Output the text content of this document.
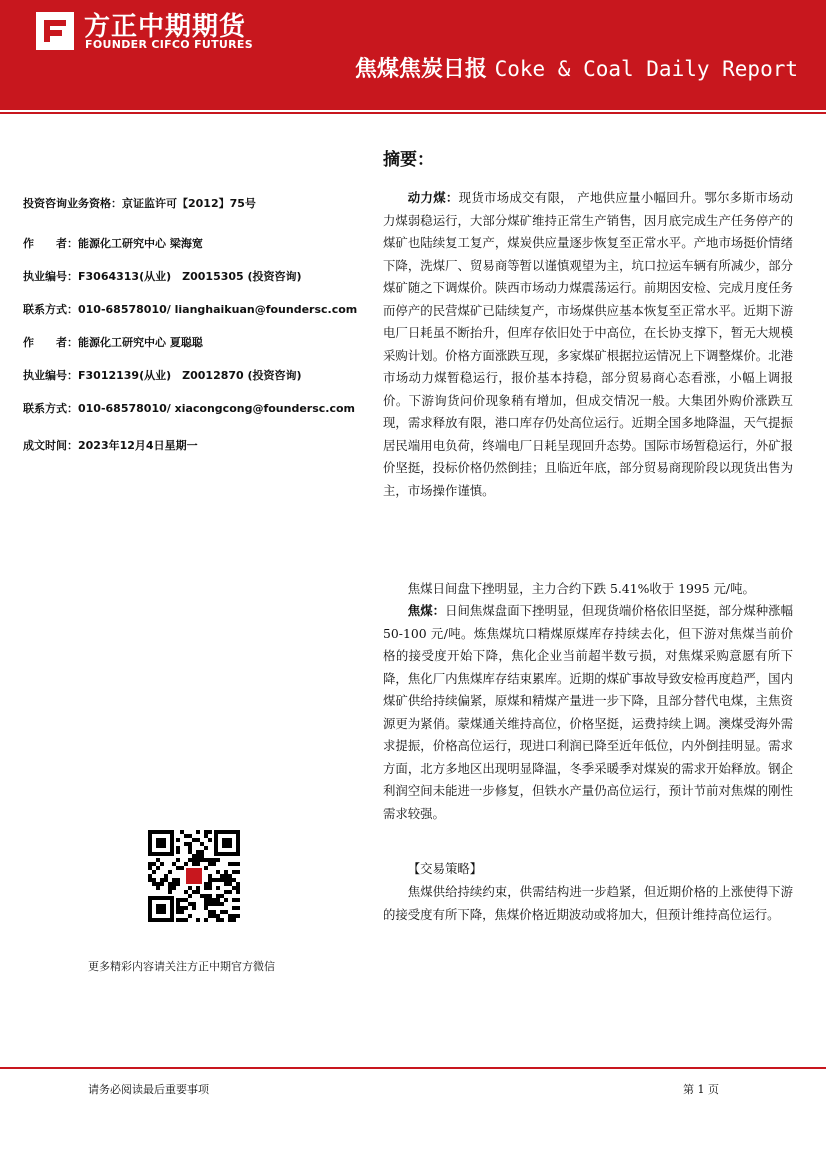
方正中期期货
FOUNDER CIFCO FUTURES
焦煤焦炭日报 Coke & Coal Daily Report
投资咨询业务资格：京证监许可【2012】75号
作　　者：能源化工研究中心 梁海宽
执业编号：F3064313(从业)　Z0015305 (投资咨询)
联系方式：010-68578010/ lianghaikuan@foundersc.com
作　　者：能源化工研究中心 夏聪聪
执业编号：F3012139(从业)　Z0012870 (投资咨询)
联系方式：010-68578010/ xiacongcong@foundersc.com
成文时间：2023年12月4日星期一
更多精彩内容请关注方正中期官方微信
摘要：

动力煤：现货市场成交有限， 产地供应量小幅回升。鄂尔多斯市场动力煤弱稳运行，大部分煤矿维持正常生产销售，因月底完成生产任务停产的煤矿也陆续复工复产，煤炭供应量逐步恢复至正常水平。产地市场挺价情绪下降，洗煤厂、贸易商等暂以谨慎观望为主，坑口拉运车辆有所减少，部分煤矿随之下调煤价。陕西市场动力煤震荡运行。前期因安检、完成月度任务而停产的民营煤矿已陆续复产，市场煤供应基本恢复至正常水平。近期下游电厂日耗虽不断抬升，但库存依旧处于中高位，在长协支撑下，暂无大规模采购计划。价格方面涨跌互现，多家煤矿根据拉运情况上下调整煤价。北港市场动力煤暂稳运行，报价基本持稳，部分贸易商心态看涨，小幅上调报价。下游询货问价现象稍有增加，但成交情况一般。大集团外购价涨跌互现，需求释放有限，港口库存仍处高位运行。近期全国多地降温，天气提振居民端用电负荷，终端电厂日耗呈现回升态势。国际市场暂稳运行，外矿报价坚挺，投标价格仍然倒挂；且临近年底，部分贸易商现阶段以现货出售为主，市场操作谨慎。

焦煤日间盘下挫明显，主力合约下跌 5.41%收于 1995 元/吨。

焦煤：日间焦煤盘面下挫明显，但现货端价格依旧坚挺，部分煤种涨幅 50-100 元/吨。炼焦煤坑口精煤原煤库存持续去化，但下游对焦煤当前价格的接受度开始下降，焦化企业当前超半数亏损，对焦煤采购意愿有所下降，焦化厂内焦煤库存结束累库。近期的煤矿事故导致安检再度趋严，国内煤矿供给持续偏紧，原煤和精煤产量进一步下降，且部分替代电煤，主焦资源更为紧俏。蒙煤通关维持高位，价格坚挺，运费持续上调。澳煤受海外需求提振，价格高位运行，现进口利润已降至近年低位，内外倒挂明显。需求方面，北方多地区出现明显降温，冬季采暖季对煤炭的需求开始释放。钢企利润空间未能进一步修复，但铁水产量仍高位运行，预计节前对焦煤的刚性需求较强。

【交易策略】

焦煤供给持续约束，供需结构进一步趋紧，但近期价格的上涨使得下游的接受度有所下降，焦煤价格近期波动或将加大，但预计维持高位运行。

请务必阅读最后重要事项	第 1 页
